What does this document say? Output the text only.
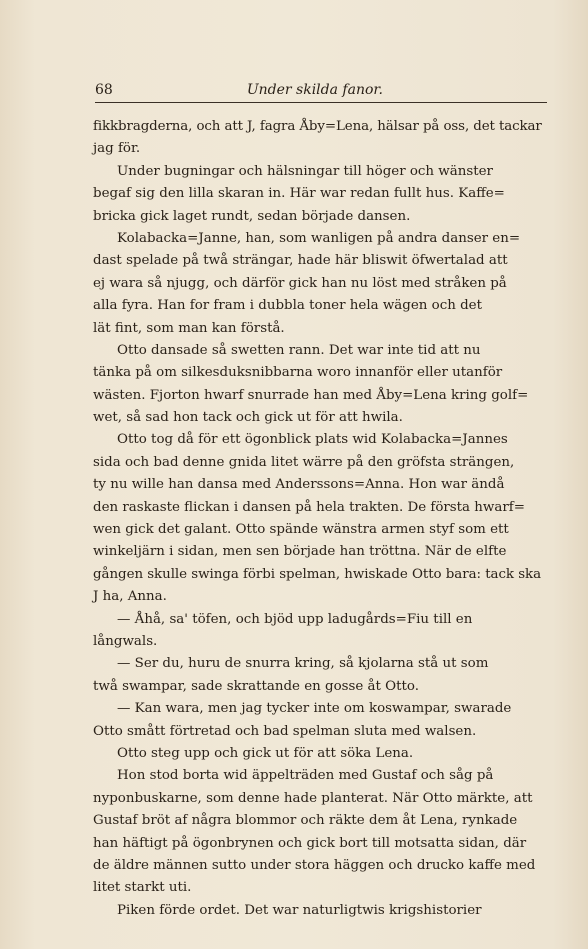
68	Under skilda fanor.
fikkbragderna, och att J, fagra Åby=Lena, hälsar på oss, det tackar
jag för.
Under bugningar och hälsningar till höger och wänster
begaf sig den lilla skaran in. Här war redan fullt hus. Kaffe=
bricka gick laget rundt, sedan började dansen.
Kolabacka=Janne, han, som wanligen på andra danser en=
dast spelade på twå strängar, hade här bliswit öfwertalad att
ej wara så njugg, och därför gick han nu löst med stråken på
alla fyra. Han for fram i dubbla toner hela wägen och det
lät fint, som man kan förstå.
Otto dansade så swetten rann. Det war inte tid att nu
tänka på om silkesduksnibbarna woro innanför eller utanför
wästen. Fjorton hwarf snurrade han med Åby=Lena kring golf=
wet, så sad hon tack och gick ut för att hwila.
Otto tog då för ett ögonblick plats wid Kolabacka=Jannes
sida och bad denne gnida litet wärre på den gröfsta strängen,
ty nu wille han dansa med Anderssons=Anna. Hon war ändå
den raskaste flickan i dansen på hela trakten. De första hwarf=
wen gick det galant. Otto spände wänstra armen styf som ett
winkeljärn i sidan, men sen började han tröttna. När de elfte
gången skulle swinga förbi spelman, hwiskade Otto bara: tack ska
J ha, Anna.
— Åhå, sa' töfen, och bjöd upp ladugårds=Fiu till en
långwals.
— Ser du, huru de snurra kring, så kjolarna stå ut som
twå swampar, sade skrattande en gosse åt Otto.
— Kan wara, men jag tycker inte om koswampar, swarade
Otto smått förtretad och bad spelman sluta med walsen.
Otto steg upp och gick ut för att söka Lena.
Hon stod borta wid äppelträden med Gustaf och såg på
nyponbuskarne, som denne hade planterat. När Otto märkte, att
Gustaf bröt af några blommor och räkte dem åt Lena, rynkade
han häftigt på ögonbrynen och gick bort till motsatta sidan, där
de äldre männen sutto under stora häggen och drucko kaffe med
litet starkt uti.
Piken förde ordet. Det war naturligtwis krigshistorier
